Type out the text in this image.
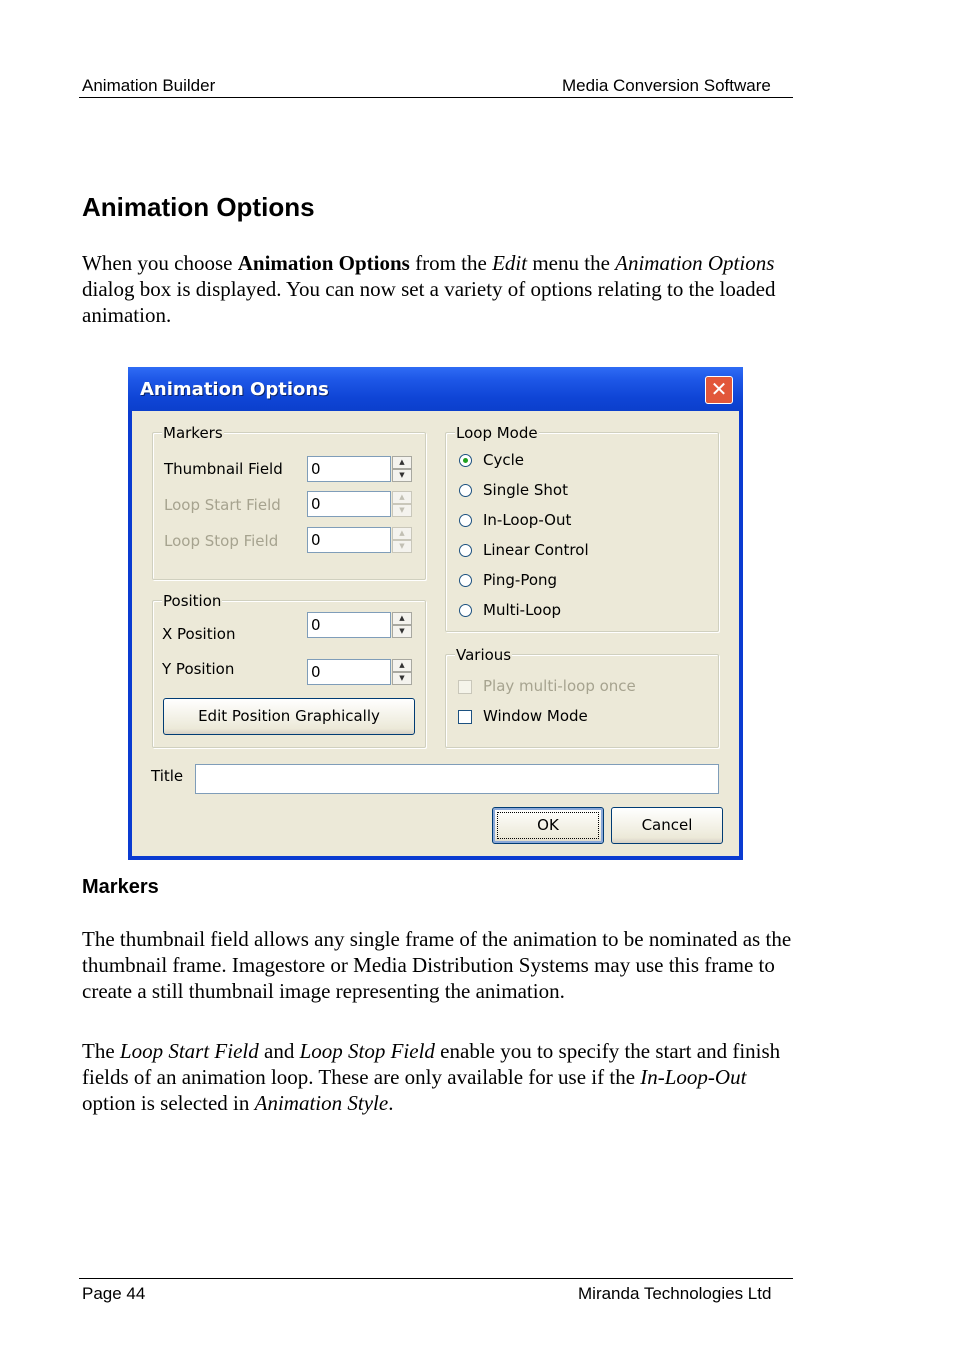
Animation Builder	Media Conversion Software
Animation Options

When you choose Animation Options from the Edit menu the Animation Options dialog box is displayed. You can now set a variety of options relating to the loaded animation.

Animation Options	✕
Markers
Thumbnail Field 0	▲
▼
Loop Start Field 0	▲
▼
Loop Stop Field 0	▲
▼
Position
X Position	0	▲
▼
Y Position	0	▲
▼
Edit Position Graphically
Loop Mode
Cycle
Single Shot
In-Loop-Out
Linear Control
Ping-Pong
Multi-Loop
Various
Play multi-loop once
Window Mode
Title
OK	Cancel
Markers

The thumbnail field allows any single frame of the animation to be nominated as the thumbnail frame. Imagestore or Media Distribution Systems may use this frame to create a still thumbnail image representing the animation.

The Loop Start Field and Loop Stop Field enable you to specify the start and finish fields of an animation loop. These are only available for use if the In-Loop-Out option is selected in Animation Style.

Page 44	Miranda Technologies Ltd
